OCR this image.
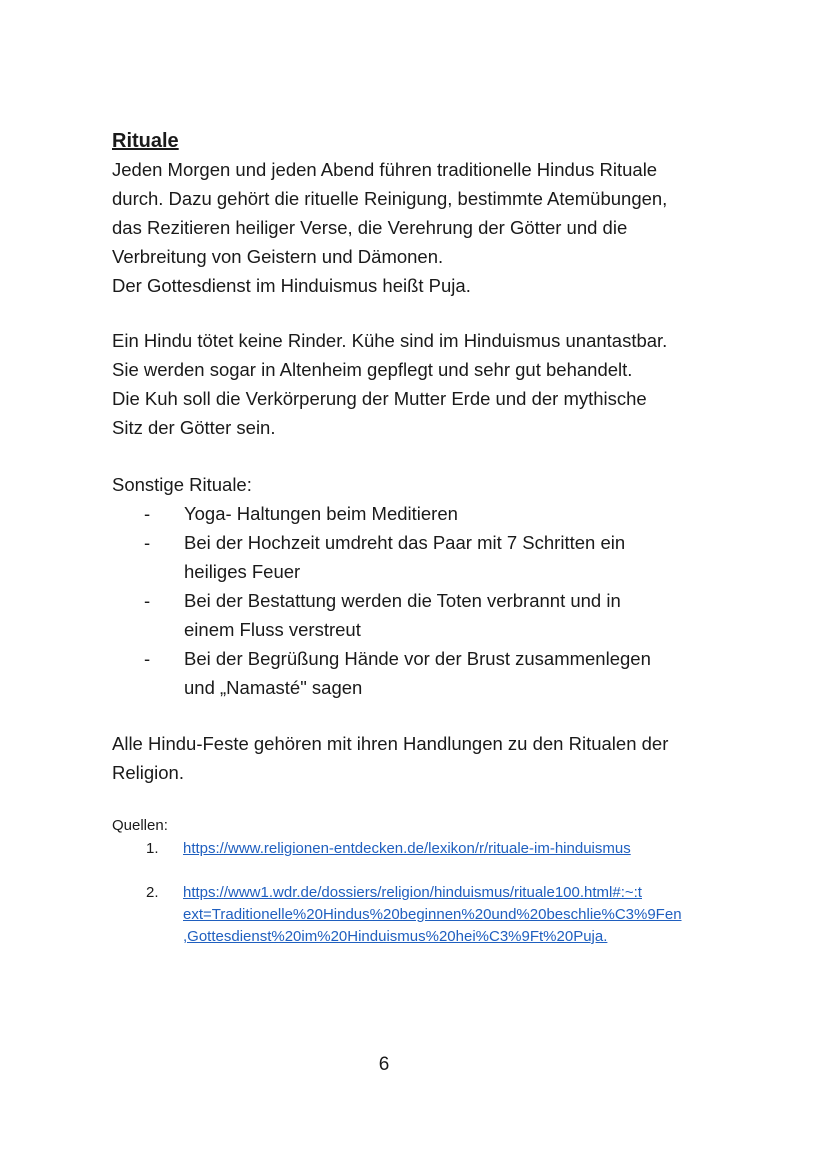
Rituale

Jeden Morgen und jeden Abend führen traditionelle Hindus Rituale
durch. Dazu gehört die rituelle Reinigung, bestimmte Atemübungen,
das Rezitieren heiliger Verse, die Verehrung der Götter und die
Verbreitung von Geistern und Dämonen.
Der Gottesdienst im Hinduismus heißt Puja.

Ein Hindu tötet keine Rinder. Kühe sind im Hinduismus unantastbar.
Sie werden sogar in Altenheim gepflegt und sehr gut behandelt.
Die Kuh soll die Verkörperung der Mutter Erde und der mythische
Sitz der Götter sein.

Sonstige Rituale:

- Yoga- Haltungen beim Meditieren
- Bei der Hochzeit umdreht das Paar mit 7 Schritten ein
heiliges Feuer
- Bei der Bestattung werden die Toten verbrannt und in
einem Fluss verstreut
- Bei der Begrüßung Hände vor der Brust zusammenlegen
und „Namasté" sagen

Alle Hindu-Feste gehören mit ihren Handlungen zu den Ritualen der
Religion.

Quellen:
1. https://www.religionen-entdecken.de/lexikon/r/rituale-im-hinduismus
2. https://www1.wdr.de/dossiers/religion/hinduismus/rituale100.html#:~:t
ext=Traditionelle%20Hindus%20beginnen%20und%20beschlie%C3%9Fen
,Gottesdienst%20im%20Hinduismus%20hei%C3%9Ft%20Puja.
6
